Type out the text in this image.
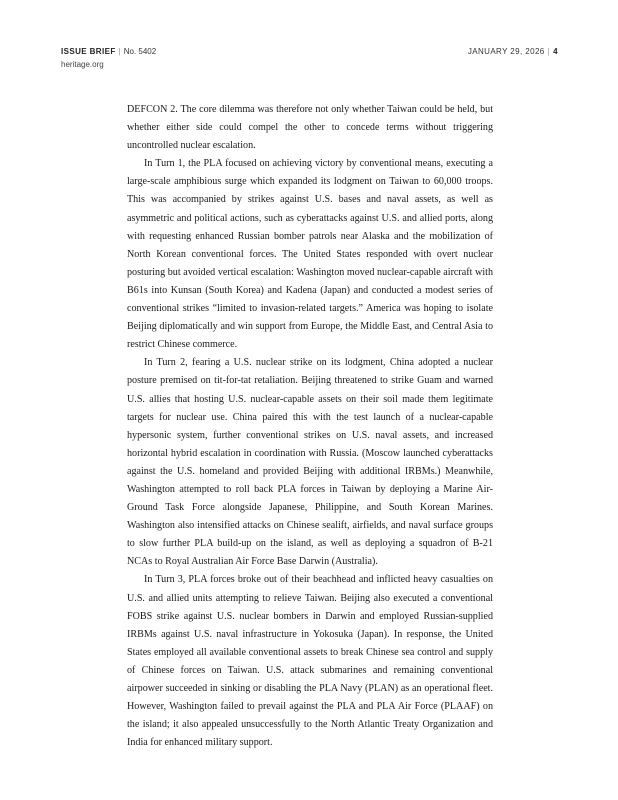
ISSUE BRIEF | No. 5402
heritage.org
JANUARY 29, 2026 | 4

DEFCON 2. The core dilemma was therefore not only whether Taiwan could be held, but whether either side could compel the other to concede terms without triggering uncontrolled nuclear escalation.

In Turn 1, the PLA focused on achieving victory by conventional means, executing a large-scale amphibious surge which expanded its lodgment on Taiwan to 60,000 troops. This was accompanied by strikes against U.S. bases and naval assets, as well as asymmetric and political actions, such as cyberattacks against U.S. and allied ports, along with requesting enhanced Russian bomber patrols near Alaska and the mobilization of North Korean conventional forces. The United States responded with overt nuclear posturing but avoided vertical escalation: Washington moved nuclear-capable aircraft with B61s into Kunsan (South Korea) and Kadena (Japan) and conducted a modest series of conventional strikes “limited to invasion-related targets.” America was hoping to isolate Beijing diplomatically and win support from Europe, the Middle East, and Central Asia to restrict Chinese commerce.

In Turn 2, fearing a U.S. nuclear strike on its lodgment, China adopted a nuclear posture premised on tit-for-tat retaliation. Beijing threatened to strike Guam and warned U.S. allies that hosting U.S. nuclear-capable assets on their soil made them legitimate targets for nuclear use. China paired this with the test launch of a nuclear-capable hypersonic system, further conventional strikes on U.S. naval assets, and increased horizontal hybrid escalation in coordination with Russia. (Moscow launched cyberattacks against the U.S. homeland and provided Beijing with additional IRBMs.) Meanwhile, Washington attempted to roll back PLA forces in Taiwan by deploying a Marine Air-Ground Task Force alongside Japanese, Philippine, and South Korean Marines. Washington also intensified attacks on Chinese sealift, airfields, and naval surface groups to slow further PLA build-up on the island, as well as deploying a squadron of B-21 NCAs to Royal Australian Air Force Base Darwin (Australia).

In Turn 3, PLA forces broke out of their beachhead and inflicted heavy casualties on U.S. and allied units attempting to relieve Taiwan. Beijing also executed a conventional FOBS strike against U.S. nuclear bombers in Darwin and employed Russian-supplied IRBMs against U.S. naval infrastructure in Yokosuka (Japan). In response, the United States employed all available conventional assets to break Chinese sea control and supply of Chinese forces on Taiwan. U.S. attack submarines and remaining conventional airpower succeeded in sinking or disabling the PLA Navy (PLAN) as an operational fleet. However, Washington failed to prevail against the PLA and PLA Air Force (PLAAF) on the island; it also appealed unsuccessfully to the North Atlantic Treaty Organization and India for enhanced military support.
